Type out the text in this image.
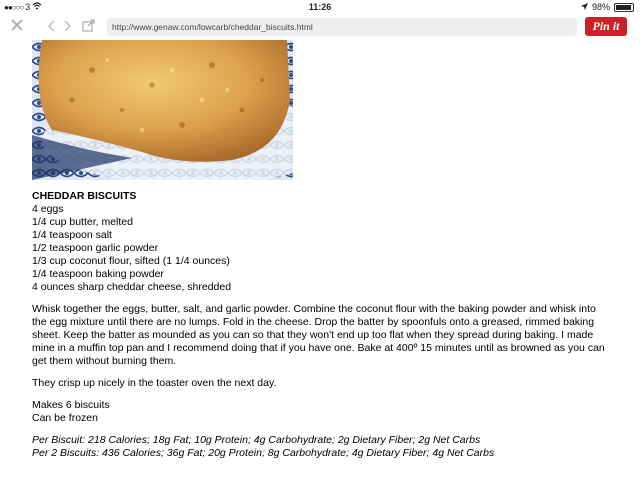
●●○○○ 3	11:26	98%
http://www.genaw.com/lowcarb/cheddar_biscuits.html	Pin it
CHEDDAR BISCUITS
4 eggs
1/4 cup butter, melted
1/4 teaspoon salt
1/2 teaspoon garlic powder
1/3 cup coconut flour, sifted (1 1/4 ounces)
1/4 teaspoon baking powder
4 ounces sharp cheddar cheese, shredded
Whisk together the eggs, butter, salt, and garlic powder. Combine the coconut flour with the baking powder and whisk into the egg mixture until there are no lumps. Fold in the cheese. Drop the batter by spoonfuls onto a greased, rimmed baking sheet. Keep the batter as mounded as you can so that they won't end up too flat when they spread during baking. I made mine in a muffin top pan and I recommend doing that if you have one. Bake at 400º 15 minutes until as browned as you can get them without burning them.
They crisp up nicely in the toaster oven the next day.
Makes 6 biscuits
Can be frozen
Per Biscuit: 218 Calories; 18g Fat; 10g Protein; 4g Carbohydrate; 2g Dietary Fiber; 2g Net Carbs
Per 2 Biscuits: 436 Calories; 36g Fat; 20g Protein; 8g Carbohydrate; 4g Dietary Fiber; 4g Net Carbs
